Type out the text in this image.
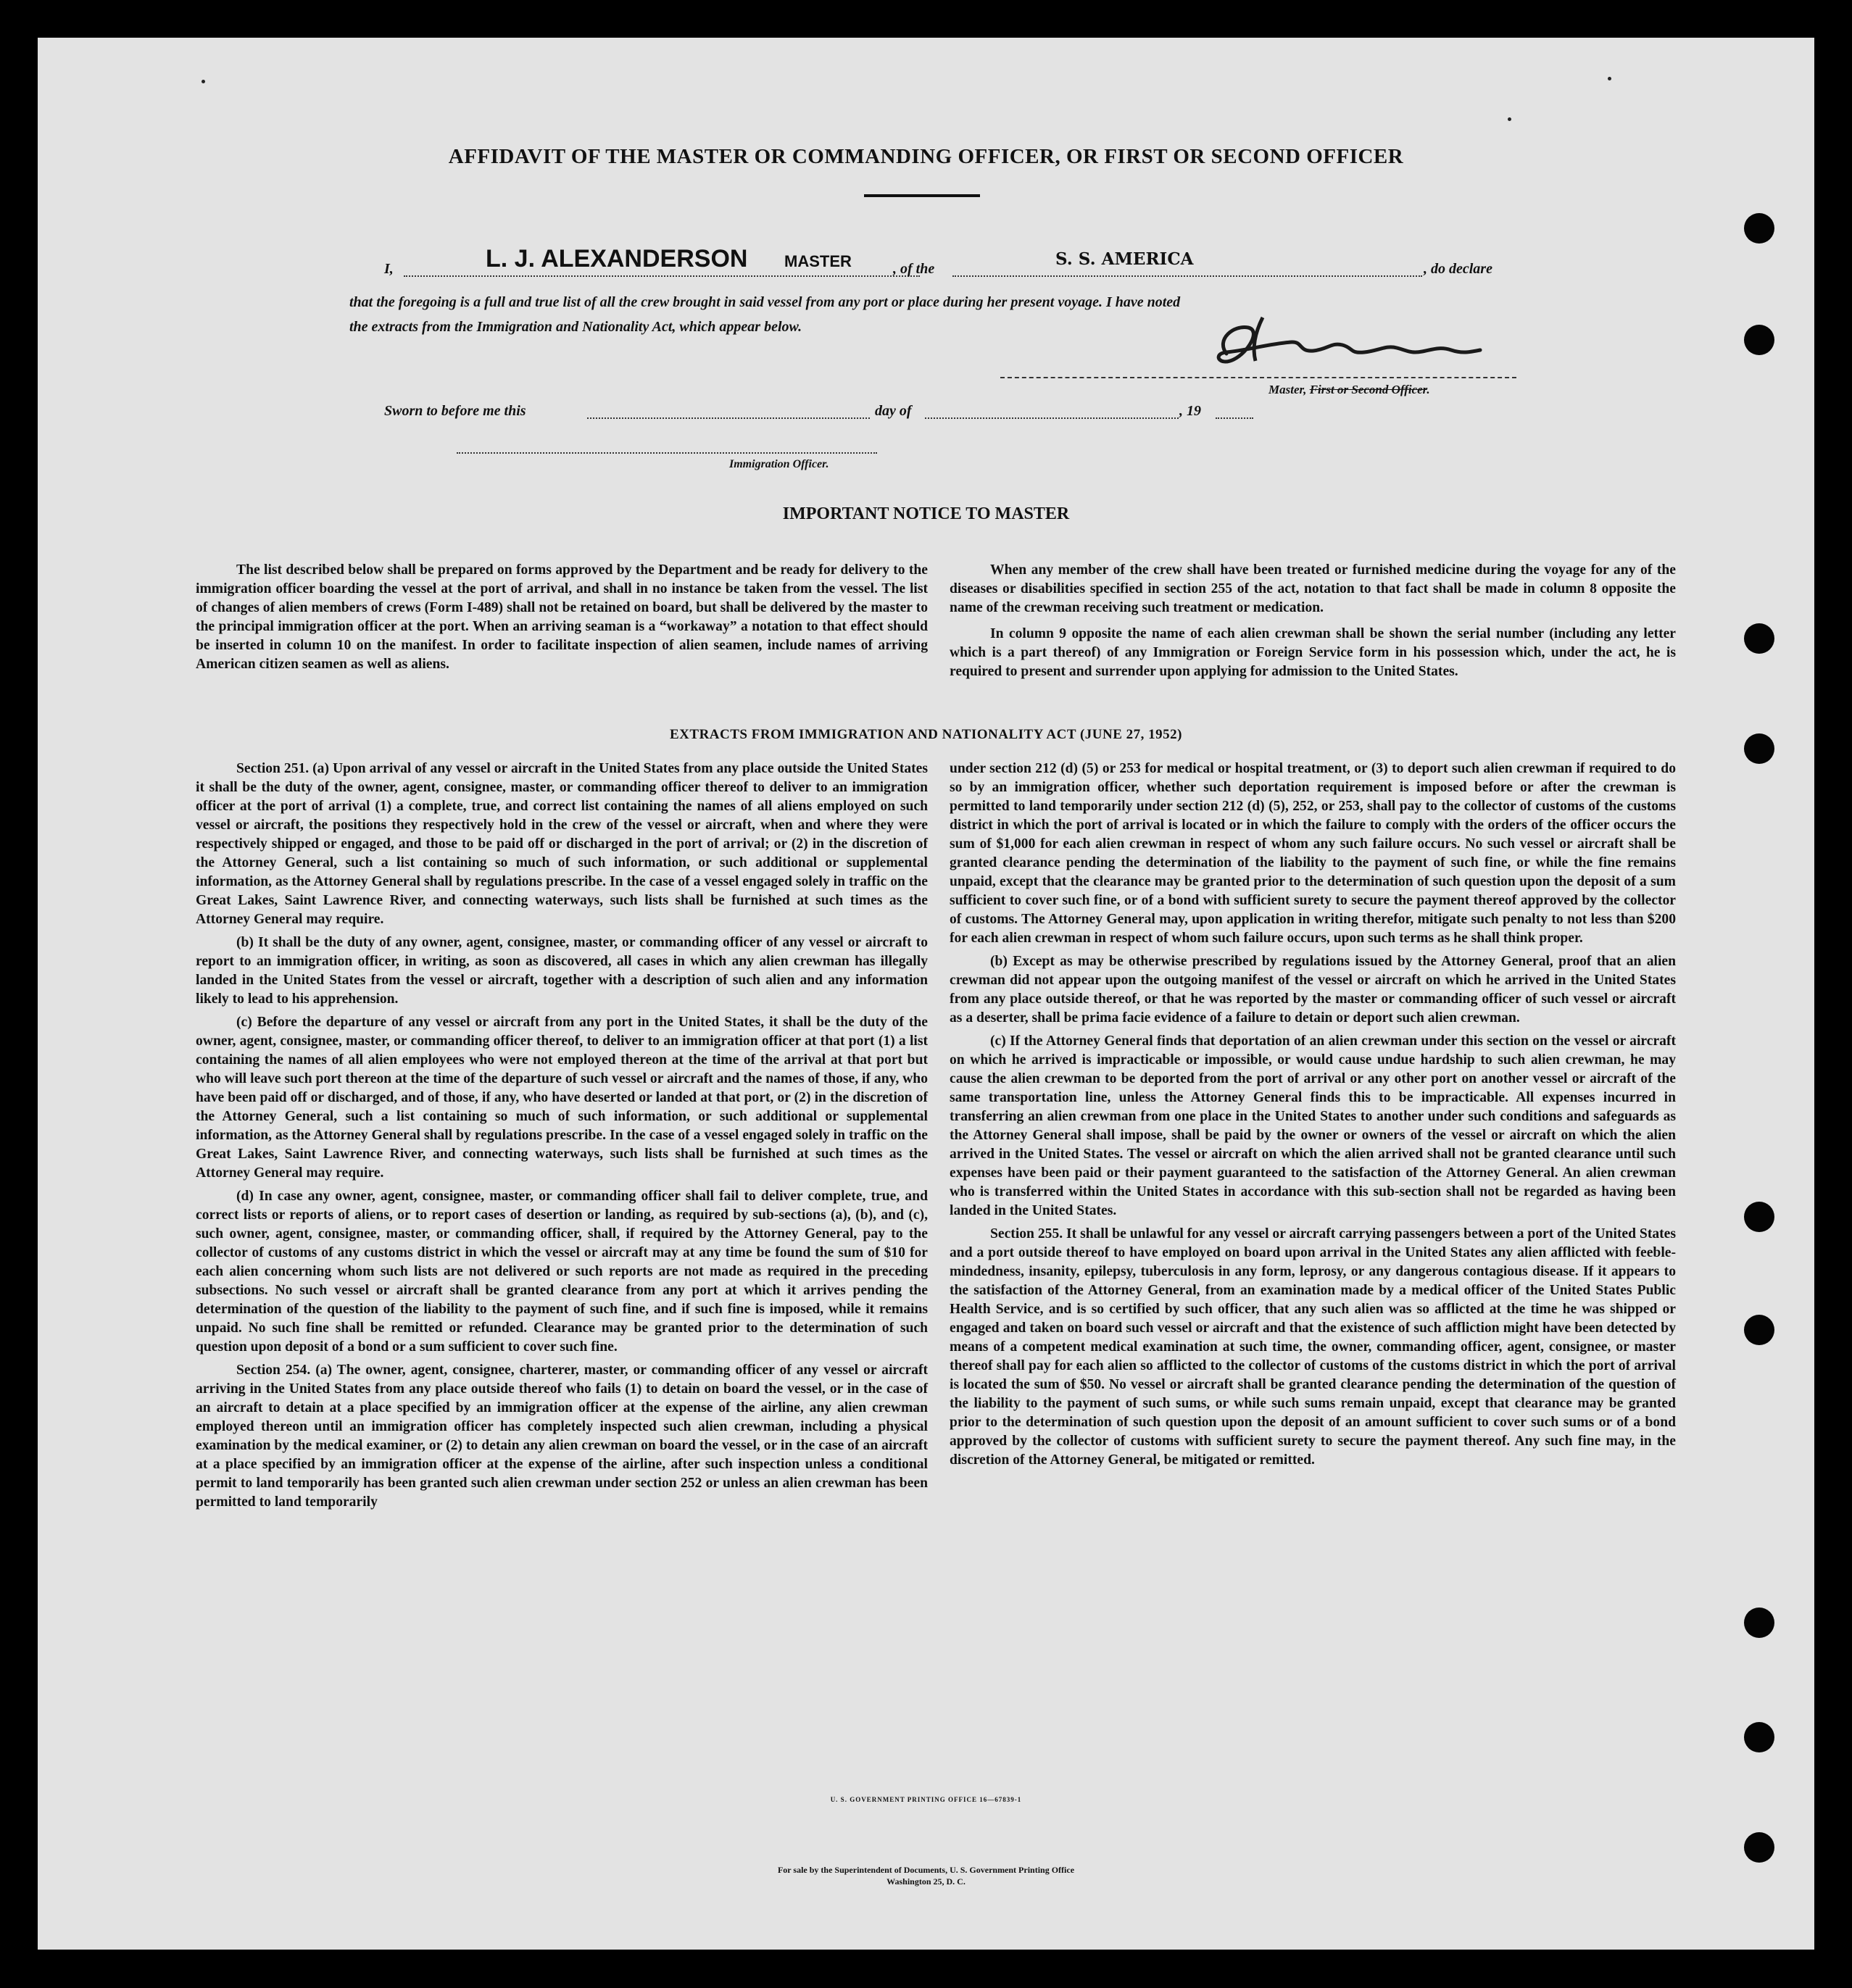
AFFIDAVIT OF THE MASTER OR COMMANDING OFFICER, OR FIRST OR SECOND OFFICER
I,	L. J. ALEXANDERSON MASTER	, of the	S. S. AMERICA	, do declare
that the foregoing is a full and true list of all the crew brought in said vessel from any port or place during her present voyage. I have noted
the extracts from the Immigration and Nationality Act, which appear below.
Master, First or Second Officer.
Sworn to before me this	day of	, 19
Immigration Officer.
IMPORTANT NOTICE TO MASTER

The list described below shall be prepared on forms approved by the Department and be ready for delivery to the immigration officer boarding the vessel at the port of arrival, and shall in no instance be taken from the vessel. The list of changes of alien members of crews (Form I-489) shall not be retained on board, but shall be delivered by the master to the principal immigration officer at the port. When an arriving seaman is a “workaway” a notation to that effect should be inserted in column 10 on the manifest. In order to facilitate inspection of alien seamen, include names of arriving American citizen seamen as well as aliens.

When any member of the crew shall have been treated or furnished medicine during the voyage for any of the diseases or disabilities specified in section 255 of the act, notation to that fact shall be made in column 8 opposite the name of the crewman receiving such treatment or medication.

In column 9 opposite the name of each alien crewman shall be shown the serial number (including any letter which is a part thereof) of any Immigration or Foreign Service form in his possession which, under the act, he is required to present and surrender upon applying for admission to the United States.

EXTRACTS FROM IMMIGRATION AND NATIONALITY ACT (JUNE 27, 1952)

Section 251. (a) Upon arrival of any vessel or aircraft in the United States from any place outside the United States it shall be the duty of the owner, agent, consignee, master, or commanding officer thereof to deliver to an immigration officer at the port of arrival (1) a complete, true, and correct list containing the names of all aliens employed on such vessel or aircraft, the positions they respectively hold in the crew of the vessel or aircraft, when and where they were respectively shipped or engaged, and those to be paid off or discharged in the port of arrival; or (2) in the discretion of the Attorney General, such a list containing so much of such information, or such additional or supplemental information, as the Attorney General shall by regulations prescribe. In the case of a vessel engaged solely in traffic on the Great Lakes, Saint Lawrence River, and connecting waterways, such lists shall be furnished at such times as the Attorney General may require.

(b) It shall be the duty of any owner, agent, consignee, master, or commanding officer of any vessel or aircraft to report to an immigration officer, in writing, as soon as discovered, all cases in which any alien crewman has illegally landed in the United States from the vessel or aircraft, together with a description of such alien and any information likely to lead to his apprehension.

(c) Before the departure of any vessel or aircraft from any port in the United States, it shall be the duty of the owner, agent, consignee, master, or commanding officer thereof, to deliver to an immigration officer at that port (1) a list containing the names of all alien employees who were not employed thereon at the time of the arrival at that port but who will leave such port thereon at the time of the departure of such vessel or aircraft and the names of those, if any, who have been paid off or discharged, and of those, if any, who have deserted or landed at that port, or (2) in the discretion of the Attorney General, such a list containing so much of such information, or such additional or supplemental information, as the Attorney General shall by regulations prescribe. In the case of a vessel engaged solely in traffic on the Great Lakes, Saint Lawrence River, and connecting waterways, such lists shall be furnished at such times as the Attorney General may require.

(d) In case any owner, agent, consignee, master, or commanding officer shall fail to deliver complete, true, and correct lists or reports of aliens, or to report cases of desertion or landing, as required by sub-sections (a), (b), and (c), such owner, agent, consignee, master, or commanding officer, shall, if required by the Attorney General, pay to the collector of customs of any customs district in which the vessel or aircraft may at any time be found the sum of $10 for each alien concerning whom such lists are not delivered or such reports are not made as required in the preceding subsections. No such vessel or aircraft shall be granted clearance from any port at which it arrives pending the determination of the question of the liability to the payment of such fine, and if such fine is imposed, while it remains unpaid. No such fine shall be remitted or refunded. Clearance may be granted prior to the determination of such question upon deposit of a bond or a sum sufficient to cover such fine.

Section 254. (a) The owner, agent, consignee, charterer, master, or commanding officer of any vessel or aircraft arriving in the United States from any place outside thereof who fails (1) to detain on board the vessel, or in the case of an aircraft to detain at a place specified by an immigration officer at the expense of the airline, any alien crewman employed thereon until an immigration officer has completely inspected such alien crewman, including a physical examination by the medical examiner, or (2) to detain any alien crewman on board the vessel, or in the case of an aircraft at a place specified by an immigration officer at the expense of the airline, after such inspection unless a conditional permit to land temporarily has been granted such alien crewman under section 252 or unless an alien crewman has been permitted to land temporarily

under section 212 (d) (5) or 253 for medical or hospital treatment, or (3) to deport such alien crewman if required to do so by an immigration officer, whether such deportation requirement is imposed before or after the crewman is permitted to land temporarily under section 212 (d) (5), 252, or 253, shall pay to the collector of customs of the customs district in which the port of arrival is located or in which the failure to comply with the orders of the officer occurs the sum of $1,000 for each alien crewman in respect of whom any such failure occurs. No such vessel or aircraft shall be granted clearance pending the determination of the liability to the payment of such fine, or while the fine remains unpaid, except that the clearance may be granted prior to the determination of such question upon the deposit of a sum sufficient to cover such fine, or of a bond with sufficient surety to secure the payment thereof approved by the collector of customs. The Attorney General may, upon application in writing therefor, mitigate such penalty to not less than $200 for each alien crewman in respect of whom such failure occurs, upon such terms as he shall think proper.

(b) Except as may be otherwise prescribed by regulations issued by the Attorney General, proof that an alien crewman did not appear upon the outgoing manifest of the vessel or aircraft on which he arrived in the United States from any place outside thereof, or that he was reported by the master or commanding officer of such vessel or aircraft as a deserter, shall be prima facie evidence of a failure to detain or deport such alien crewman.

(c) If the Attorney General finds that deportation of an alien crewman under this section on the vessel or aircraft on which he arrived is impracticable or impossible, or would cause undue hardship to such alien crewman, he may cause the alien crewman to be deported from the port of arrival or any other port on another vessel or aircraft of the same transportation line, unless the Attorney General finds this to be impracticable. All expenses incurred in transferring an alien crewman from one place in the United States to another under such conditions and safeguards as the Attorney General shall impose, shall be paid by the owner or owners of the vessel or aircraft on which the alien arrived in the United States. The vessel or aircraft on which the alien arrived shall not be granted clearance until such expenses have been paid or their payment guaranteed to the satisfaction of the Attorney General. An alien crewman who is transferred within the United States in accordance with this sub-section shall not be regarded as having been landed in the United States.

Section 255. It shall be unlawful for any vessel or aircraft carrying passengers between a port of the United States and a port outside thereof to have employed on board upon arrival in the United States any alien afflicted with feeble-mindedness, insanity, epilepsy, tuberculosis in any form, leprosy, or any dangerous contagious disease. If it appears to the satisfaction of the Attorney General, from an examination made by a medical officer of the United States Public Health Service, and is so certified by such officer, that any such alien was so afflicted at the time he was shipped or engaged and taken on board such vessel or aircraft and that the existence of such affliction might have been detected by means of a competent medical examination at such time, the owner, commanding officer, agent, consignee, or master thereof shall pay for each alien so afflicted to the collector of customs of the customs district in which the port of arrival is located the sum of $50. No vessel or aircraft shall be granted clearance pending the determination of the question of the liability to the payment of such sums, or while such sums remain unpaid, except that clearance may be granted prior to the determination of such question upon the deposit of an amount sufficient to cover such sums or of a bond approved by the collector of customs with sufficient surety to secure the payment thereof. Any such fine may, in the discretion of the Attorney General, be mitigated or remitted.

U. S. GOVERNMENT PRINTING OFFICE 16—67839-1
For sale by the Superintendent of Documents, U. S. Government Printing Office
Washington 25, D. C.
